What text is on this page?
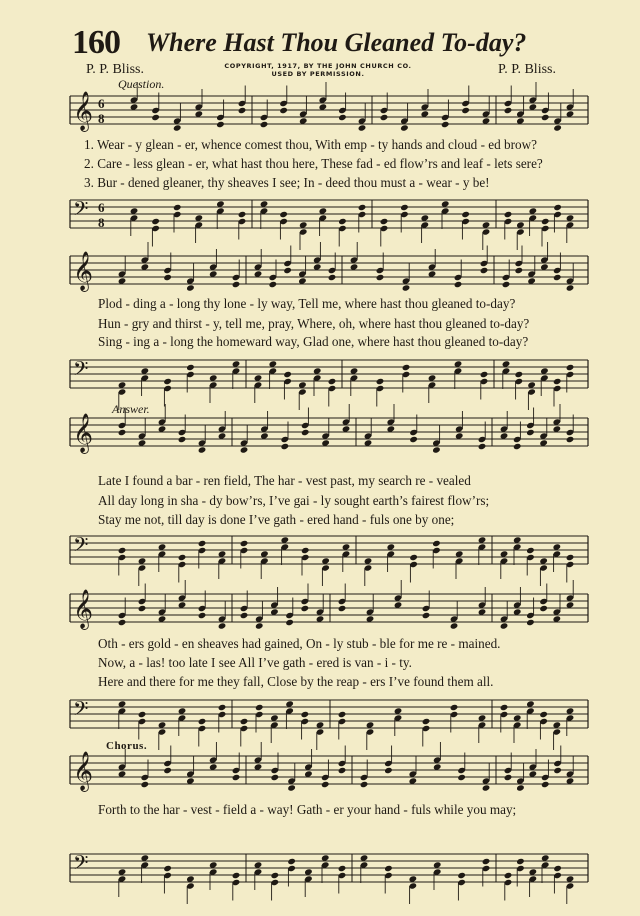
𝄞 6
8
𝄢 6
8
𝄞
𝄢
𝄞
𝄢
𝄞
𝄢
𝄞
𝄢
160 Where Hast Thou Gleaned To-day?
P. P. Bliss.	P. P. Bliss.
COPYRIGHT, 1917, BY THE JOHN CHURCH CO.
USED BY PERMISSION.
Question.
Answer.
Chorus.
1. Wear - y glean - er, whence comest thou, With emp - ty hands and cloud - ed brow?
2. Care - less glean - er, what hast thou here, These fad - ed flow’rs and leaf - lets sere?
3. Bur - dened gleaner, thy sheaves I see; In - deed thou must a - wear - y be!
Plod - ding a - long thy lone - ly way, Tell me, where hast thou gleaned to-day?
Hun - gry and thirst - y, tell me, pray, Where, oh, where hast thou gleaned to-day?
Sing - ing a - long the homeward way, Glad one, where hast thou gleaned to-day?
Late I found a bar - ren field, The har - vest past, my search re - vealed
All day long in sha - dy bow’rs, I’ve gai - ly sought earth’s fairest flow’rs;
Stay me not, till day is done I’ve gath - ered hand - fuls one by one;
Oth - ers gold - en sheaves had gained, On - ly stub - ble for me re - mained.
Now, a - las! too late I see All I’ve gath - ered is van - i - ty.
Here and there for me they fall, Close by the reap - ers I’ve found them all.
Forth to the har - vest - field a - way! Gath - er your hand - fuls while you may;
